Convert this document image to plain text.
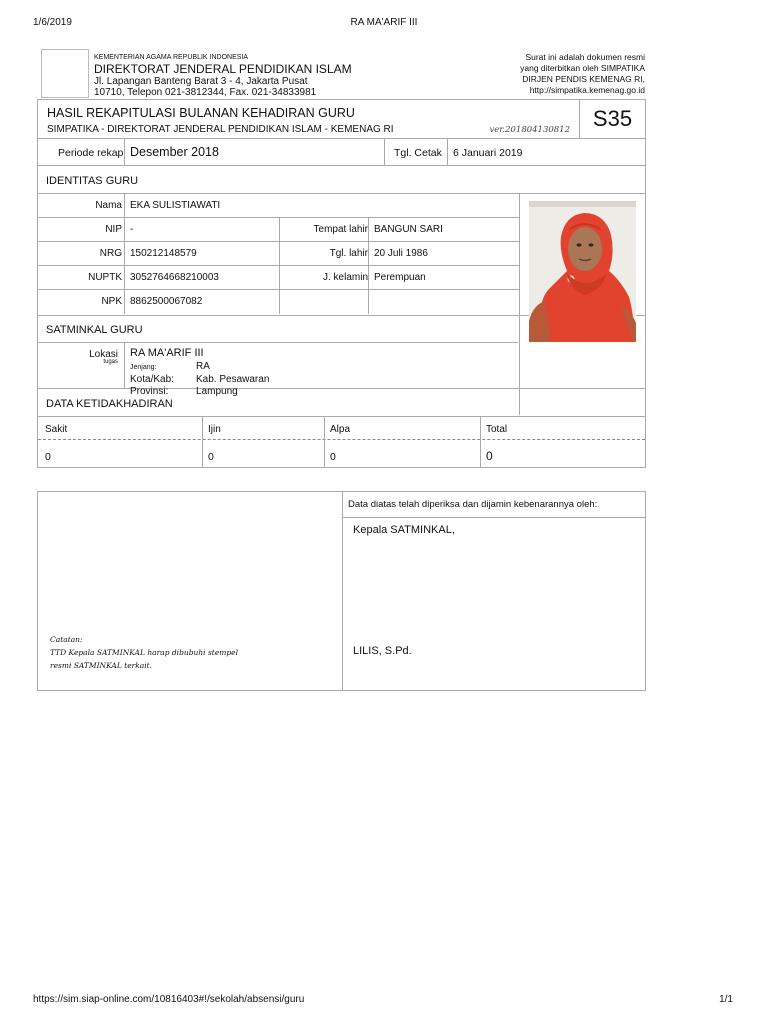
1/6/2019	RA MA'ARIF III
KEMENTERIAN AGAMA REPUBLIK INDONESIA
DIREKTORAT JENDERAL PENDIDIKAN ISLAM
Jl. Lapangan Banteng Barat 3 - 4, Jakarta Pusat
10710, Telepon 021-3812344, Fax. 021-34833981
Surat ini adalah dokumen resmi
yang diterbitkan oleh SIMPATIKA
DIRJEN PENDIS KEMENAG RI,
http://simpatika.kemenag.go.id
HASIL REKAPITULASI BULANAN KEHADIRAN GURU
SIMPATIKA - DIREKTORAT JENDERAL PENDIDIKAN ISLAM - KEMENAG RI	ver.201804130812	S35
Periode rekap Desember 2018	Tgl. Cetak 6 Januari 2019
IDENTITAS GURU
Nama EKA SULISTIAWATI
NIP -	Tempat lahir BANGUN SARI
NRG 150212148579	Tgl. lahir 20 Juli 1986
NUPTK 3052764668210003	J. kelamin Perempuan
NPK 8862500067082
SATMINKAL GURU
Lokasi
tugas
RA MA'ARIF III
Jenjang:	RA
Kota/Kab: Kab. Pesawaran
Provinsi:	Lampung
DATA KETIDAKHADIRAN
Sakit	Ijin	Alpa	Total
0	0	0	0
Data diatas telah diperiksa dan dijamin kebenarannya oleh:
Kepala SATMINKAL,
LILIS, S.Pd.
Catatan:
TTD Kepala SATMINKAL harap dibubuhi stempel
resmi SATMINKAL terkait.
https://sim.siap-online.com/10816403#!/sekolah/absensi/guru	1/1
